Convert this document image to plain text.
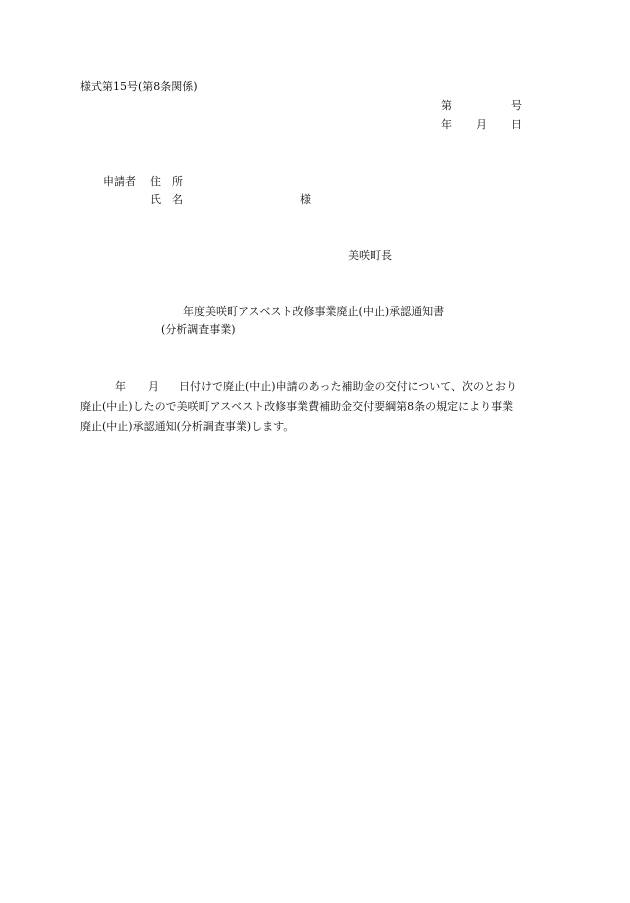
様式第15号(第8条関係)
第	号
年 月 日
申請者 住　所
氏　名	様
美咲町長
年度美咲町アスベスト改修事業廃止(中止)承認通知書
(分析調査事業)
年 月 日付けで廃止(中止)申請のあった補助金の交付について、次のとおり
廃止(中止)したので美咲町アスベスト改修事業費補助金交付要綱第8条の規定により事業
廃止(中止)承認通知(分析調査事業)します。
